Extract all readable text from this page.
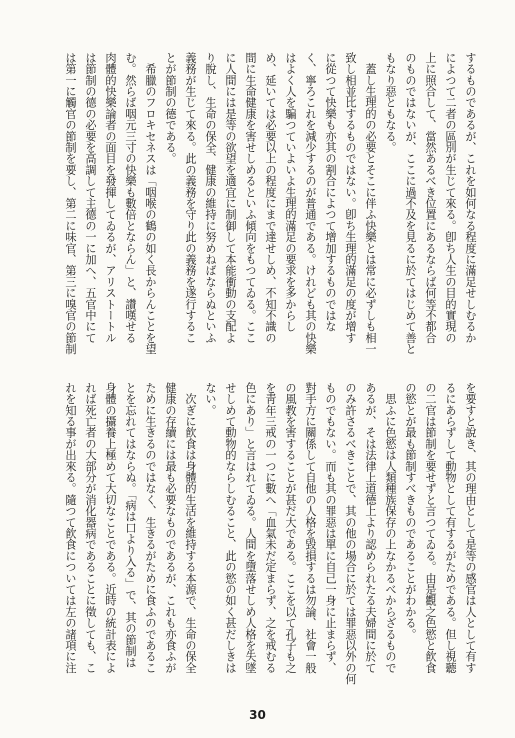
するものであるが、これを如何なる程度に滿足せしむるか

によつて二者の區別が生じて來る。卽ち人生の目的實現の

上に照合して、當然あるべき位置にあるならば何等不都合

のものではないが、ここに過不及を見るに於てはじめて善と

もなり惡ともなる。

　蓋し生理的の必要とそこに伴ふ快樂とは常に必ずしも相一

致し相並比するものではない。卽ち生理的滿足の度が增す

に從つて快樂も亦其の割合によつて增加するものではな

く、寧ろこれを減少するのが普通である。けれども其の快樂

はよく人を騙つていよいよ生理的滿足の要求を多からし

め、延いては必要以上の程度にまで達せしめ、不知不識の

間に生命健康を害せしめるといふ傾向をもつてゐる。ここ

に人間には是等の欲望を適宜に制御して本能衝動の支配よ

り脫し、生命の保全、健康の維持に努めねばならぬといふ

義務が生じて來る。此の義務を守り此の義務を遂行するこ

とが節制の德である。

　希臘のフロキセネスは「咽喉の鶴の如く長からんことを望

む。然らば咽元三寸の快樂も數倍とならん」と、讚嘆せる

肉體的快樂論者の面目を發揮してゐるが、アリストートル

は節制の德の必要を高調して主德の一に加へ、五官中にて

は第一に觸官の節制を要し、第二に味官、第三に嗅官の節制

を要すと說き、其の理由として是等の感官は人として有す

るにあらずして動物として有するがためである。但し視聽

の二官は節制を要せずと言つてゐる。由是觀之色慾と飮食

の慾とが最も節制すべきものであることがわかる。

　思ふに色慾は人類種族保存の上なかるべからざるもので

あるが、そは法律上道德上より認められたる夫婦間に於て

のみ許さるべきことで、其の他の場合に於ては罪惡以外の何

ものでもない。而も其の罪惡は單に自己一身に止まらず、

對手方に關係して自他の人格を毀損するは勿論、社會一般

の風教を害することが甚だ大である。ここを以て孔子も之

を靑年三戒の一つに數へ「血氣未だ定まらず、之を戒むる

色にあり」と言はれてゐる。人間を墮落せしめ人格を失墜

せしめて動物的ならしむること、此の慾の如く甚だしきは

ない。

　次ぎに飮食は身體的生活を維持する本源で、生命の保全

健康の存續には最も必要なものであるが、これも亦食ふが

ために生きるのではなく、生きるがために食ふのであるこ

とを忘れてはならぬ。「病は口より入る」で、其の節制は

身體の攝養上極めて大切なことである。近時の統計表によ

れば死亡者の大部分が消化器病であることに徵しても、こ

れを知る事が出來る。隨つて飮食については左の諸項に注

30
